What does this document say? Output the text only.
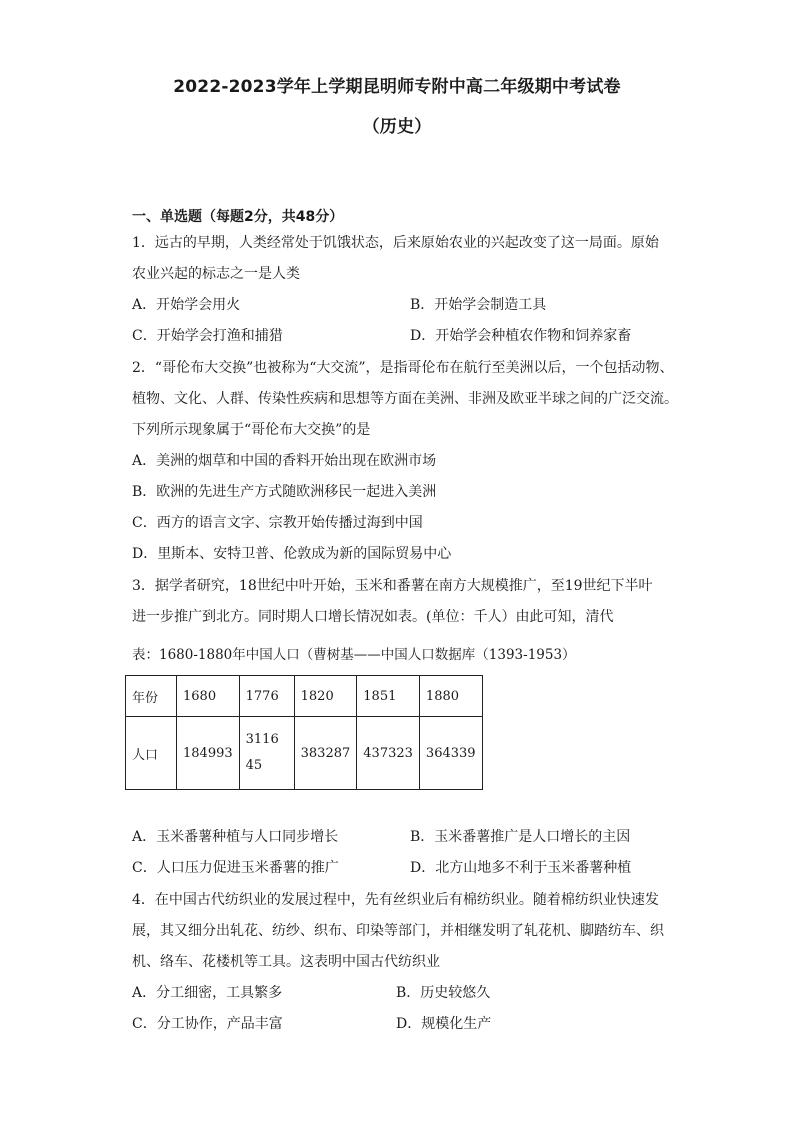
2022-2023学年上学期昆明师专附中高二年级期中考试卷
（历史）
一、单选题（每题2分，共48分）
1．远古的早期，人类经常处于饥饿状态，后来原始农业的兴起改变了这一局面。原始
农业兴起的标志之一是人类
A．开始学会用火	B．开始学会制造工具
C．开始学会打渔和捕猎	D．开始学会种植农作物和饲养家畜
2．“哥伦布大交换”也被称为“大交流”，是指哥伦布在航行至美洲以后，一个包括动物、
植物、文化、人群、传染性疾病和思想等方面在美洲、非洲及欧亚半球之间的广泛交流。
下列所示现象属于“哥伦布大交换”的是
A．美洲的烟草和中国的香料开始出现在欧洲市场
B．欧洲的先进生产方式随欧洲移民一起进入美洲
C．西方的语言文字、宗教开始传播过海到中国
D．里斯本、安特卫普、伦敦成为新的国际贸易中心
3．据学者研究，18世纪中叶开始，玉米和番薯在南方大规模推广，至19世纪下半叶
进一步推广到北方。同时期人口增长情况如表。(单位：千人）由此可知，清代
表：1680-1880年中国人口（曹树基——中国人口数据库（1393-1953）
年份	1680	1776	1820	1851	1880
人口	184993	311645	383287	437323	364339
A．玉米番薯种植与人口同步增长	B．玉米番薯推广是人口增长的主因
C．人口压力促进玉米番薯的推广	D．北方山地多不利于玉米番薯种植
4．在中国古代纺织业的发展过程中，先有丝织业后有棉纺织业。随着棉纺织业快速发
展，其又细分出轧花、纺纱、织布、印染等部门，并相继发明了轧花机、脚踏纺车、织
机、络车、花楼机等工具。这表明中国古代纺织业
A．分工细密，工具繁多	B．历史较悠久
C．分工协作，产品丰富	D．规模化生产
